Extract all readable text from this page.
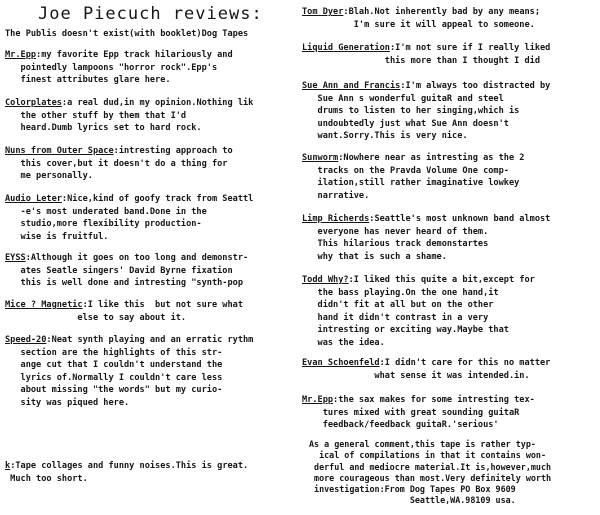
Joe Piecuch reviews:
The Publis doesn't exist(with booklet)Dog Tapes
Mr.Epp:my favorite Epp track hilariously and
pointedly lampoons "horror rock".Epp's
finest attributes glare here.
Colorplates:a real dud,in my opinion.Nothing lik
the other stuff by them that I'd
heard.Dumb lyrics set to hard rock.
Nuns from Outer Space:intresting approach to
this cover,but it doesn't do a thing for
me personally.
Audio Leter:Nice,kind of goofy track from Seattl
-e's most underated band.Done in the
studio,more flexibility production-
wise is fruitful.
EYSS:Although it goes on too long and demonstr-
ates Seatle singers' David Byrne fixation
this is well done and intresting "synth-pop
Mice ? Magnetic:I like this  but not sure what
else to say about it.
Speed-20:Neat synth playing and an erratic rythm
section are the highlights of this str-
ange cut that I couldn't understand the
lyrics of.Normally I couldn't care less
about missing "the words" but my curio-
sity was piqued here.
k:Tape collages and funny noises.This is great.
Much too short.
Tom Dyer:Blah.Not inherently bad by any means;
I'm sure it will appeal to someone.
Liquid Generation:I'm not sure if I really liked
this more than I thought I did
Sue Ann and Francis:I'm always too distracted by
Sue Ann s wonderful guitaR and steel
drums to listen to her singing,which is
undoubtedly just what Sue Ann doesn't
want.Sorry.This is very nice.
Sunworm:Nowhere near as intresting as the 2
tracks on the Pravda Volume One comp-
ilation,still rather imaginative lowkey
narrative.
Limp Richerds:Seattle's most unknown band almost
everyone has never heard of them.
This hilarious track demonstartes
why that is such a shame.
Todd Why?:I liked this quite a bit,except for
the bass playing.On the one hand,it
didn't fit at all but on the other
hand it didn't contrast in a very
intresting or exciting way.Maybe that
was the idea.
Evan Schoenfeld:I didn't care for this no matter
what sense it was intended.in.
Mr.Epp:the sax makes for some intresting tex-
tures mixed with great sounding guitaR
feedback/feedback guitaR.'serious'
As a general comment,this tape is rather typ-
ical of compilations in that it contains won-
derful and mediocre material.It is,however,much
more courageous than most.Very definitely worth
investigation:From Dog Tapes PO Box 9609
Seattle,WA.98109 usa.
